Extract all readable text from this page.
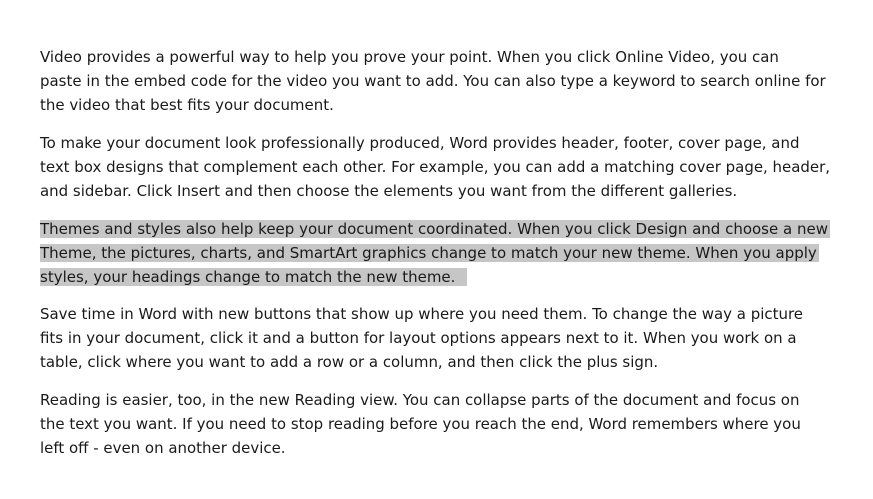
Video provides a powerful way to help you prove your point. When you click Online Video, you can
paste in the embed code for the video you want to add. You can also type a keyword to search online for
the video that best fits your document.

To make your document look professionally produced, Word provides header, footer, cover page, and
text box designs that complement each other. For example, you can add a matching cover page, header,
and sidebar. Click Insert and then choose the elements you want from the different galleries.

Themes and styles also help keep your document coordinated. When you click Design and choose a new
Theme, the pictures, charts, and SmartArt graphics change to match your new theme. When you apply
styles, your headings change to match the new theme.

Save time in Word with new buttons that show up where you need them. To change the way a picture
fits in your document, click it and a button for layout options appears next to it. When you work on a
table, click where you want to add a row or a column, and then click the plus sign.

Reading is easier, too, in the new Reading view. You can collapse parts of the document and focus on
the text you want. If you need to stop reading before you reach the end, Word remembers where you
left off - even on another device.
